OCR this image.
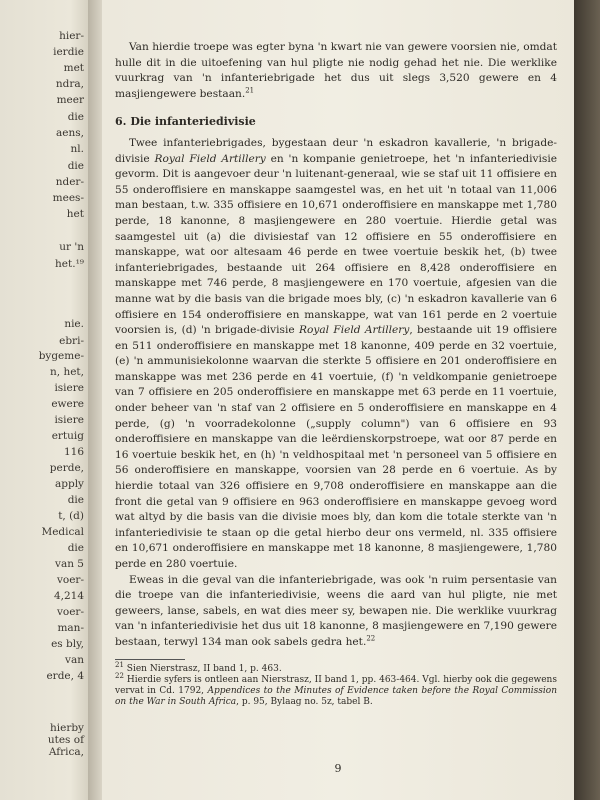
hier-
ierdie
met
ndra,
meer
die
aens,
nl.
die
nder-
mees-
het
ur 'n
het.¹⁹
nie.
ebri-
bygeme-
n, het,
isiere
ewere
isiere
ertuig
116
perde,
apply
die
t, (d)
Medical
die
van 5
voer-
4,214
voer-
man-
es bly,
van
erde, 4
hierby
utes of
Africa,

Van hierdie troepe was egter byna 'n kwart nie van gewere voorsien nie, omdat hulle dit in die uitoefening van hul pligte nie nodig gehad het nie. Die werklike vuurkrag van 'n infanteriebrigade het dus uit slegs 3,520 gewere en 4 masjiengewere bestaan.$^{21}$

6. Die infanteriedivisie

Twee infanteriebrigades, bygestaan deur 'n eskadron kavallerie, 'n brigade-divisie Royal Field Artillery en 'n kompanie genietroepe, het 'n infanteriedivisie gevorm. Dit is aangevoer deur 'n luitenant-generaal, wie se staf uit 11 offisiere en 55 onderoffisiere en manskappe saamgestel was, en het uit 'n totaal van 11,006 man bestaan, t.w. 335 offisiere en 10,671 onderoffisiere en manskappe met 1,780 perde, 18 kanonne, 8 masjiengewere en 280 voertuie. Hierdie getal was saamgestel uit (a) die divisiestaf van 12 offisiere en 55 onderoffisiere en manskappe, wat oor altesaam 46 perde en twee voertuie beskik het, (b) twee infanteriebrigades, bestaande uit 264 offisiere en 8,428 onderoffisiere en manskappe met 746 perde, 8 masjiengewere en 170 voertuie, afgesien van die manne wat by die basis van die brigade moes bly, (c) 'n eskadron kavallerie van 6 offisiere en 154 onderoffisiere en manskappe, wat van 161 perde en 2 voertuie voorsien is, (d) 'n brigade-divisie Royal Field Artillery, bestaande uit 19 offisiere en 511 onderoffisiere en manskappe met 18 kanonne, 409 perde en 32 voertuie, (e) 'n ammunisiekolonne waarvan die sterkte 5 offisiere en 201 onderoffisiere en manskappe was met 236 perde en 41 voertuie, (f) 'n veldkompanie genietroepe van 7 offisiere en 205 onderoffisiere en manskappe met 63 perde en 11 voertuie, onder beheer van 'n staf van 2 offisiere en 5 onderoffisiere en manskappe en 4 perde, (g) 'n voorradekolonne („supply column") van 6 offisiere en 93 onderoffisiere en manskappe van die leërdienskorpstroepe, wat oor 87 perde en 16 voertuie beskik het, en (h) 'n veldhospitaal met 'n personeel van 5 offisiere en 56 onderoffisiere en manskappe, voorsien van 28 perde en 6 voertuie. As by hierdie totaal van 326 offisiere en 9,708 onderoffisiere en manskappe aan die front die getal van 9 offisiere en 963 onderoffisiere en manskappe gevoeg word wat altyd by die basis van die divisie moes bly, dan kom die totale sterkte van 'n infanteriedivisie te staan op die getal hierbo deur ons vermeld, nl. 335 offisiere en 10,671 onderoffisiere en manskappe met 18 kanonne, 8 masjiengewere, 1,780 perde en 280 voertuie.

Eweas in die geval van die infanteriebrigade, was ook 'n ruim persentasie van die troepe van die infanteriedivisie, weens die aard van hul pligte, nie met geweers, lanse, sabels, en wat dies meer sy, bewapen nie. Die werklike vuurkrag van 'n infanteriedivisie het dus uit 18 kanonne, 8 masjiengewere en 7,190 gewere bestaan, terwyl 134 man ook sabels gedra het.$^{22}$

$^{21}$ Sien Nierstrasz, II band 1, p. 463.

$^{22}$ Hierdie syfers is ontleen aan Nierstrasz, II band 1, pp. 463-464. Vgl. hierby ook die gegewens vervat in Cd. 1792, Appendices to the Minutes of Evidence taken before the Royal Commission on the War in South Africa, p. 95, Bylaag no. 5z, tabel B.

9
